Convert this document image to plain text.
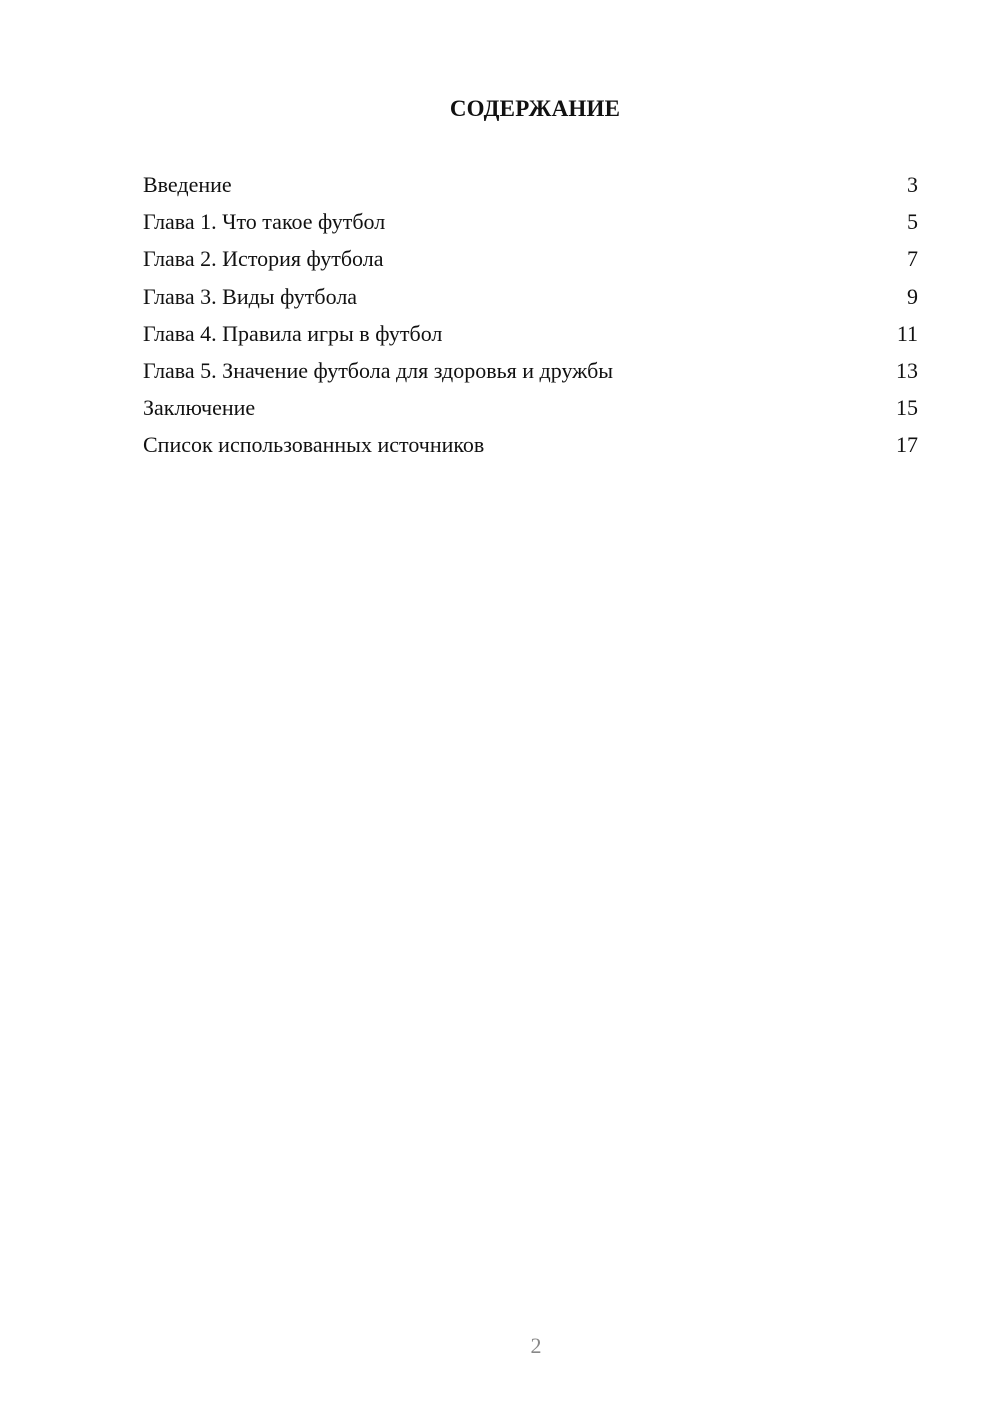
СОДЕРЖАНИЕ
Введение	3
Глава 1. Что такое футбол	5
Глава 2. История футбола	7
Глава 3. Виды футбола	9
Глава 4. Правила игры в футбол	11
Глава 5. Значение футбола для здоровья и дружбы	13
Заключение	15
Список использованных источников	17
2
